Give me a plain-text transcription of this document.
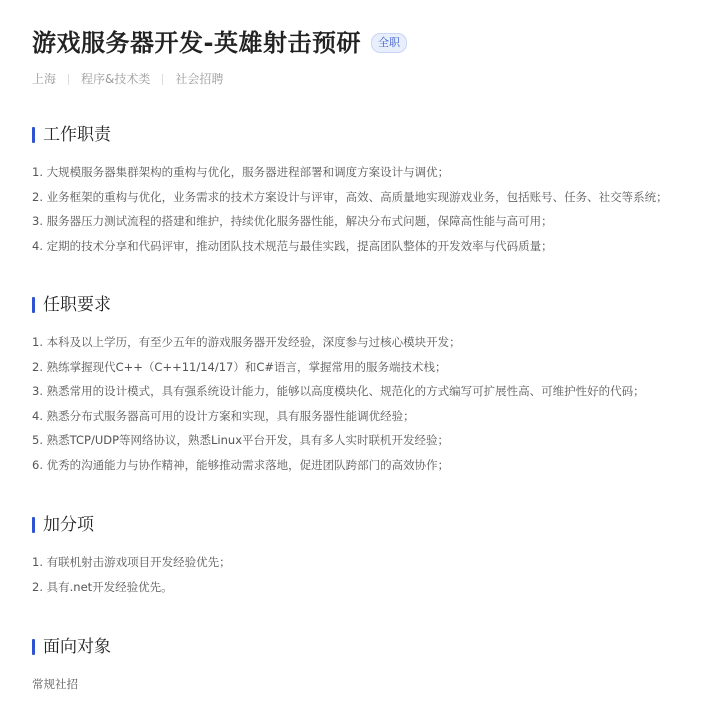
游戏服务器开发-英雄射击预研	全职
上海 程序&技术类 社会招聘
工作职责
1. 大规模服务器集群架构的重构与优化，服务器进程部署和调度方案设计与调优；
2. 业务框架的重构与优化，业务需求的技术方案设计与评审，高效、高质量地实现游戏业务，包括账号、任务、社交等系统；
3. 服务器压力测试流程的搭建和维护，持续优化服务器性能，解决分布式问题，保障高性能与高可用；
4. 定期的技术分享和代码评审，推动团队技术规范与最佳实践，提高团队整体的开发效率与代码质量；
任职要求
1. 本科及以上学历，有至少五年的游戏服务器开发经验，深度参与过核心模块开发；
2. 熟练掌握现代C++（C++11/14/17）和C#语言，掌握常用的服务端技术栈；
3. 熟悉常用的设计模式，具有强系统设计能力，能够以高度模块化、规范化的方式编写可扩展性高、可维护性好的代码；
4. 熟悉分布式服务器高可用的设计方案和实现，具有服务器性能调优经验；
5. 熟悉TCP/UDP等网络协议，熟悉Linux平台开发，具有多人实时联机开发经验；
6. 优秀的沟通能力与协作精神，能够推动需求落地，促进团队跨部门的高效协作；
加分项
1. 有联机射击游戏项目开发经验优先；
2. 具有.net开发经验优先。
面向对象

常规社招
